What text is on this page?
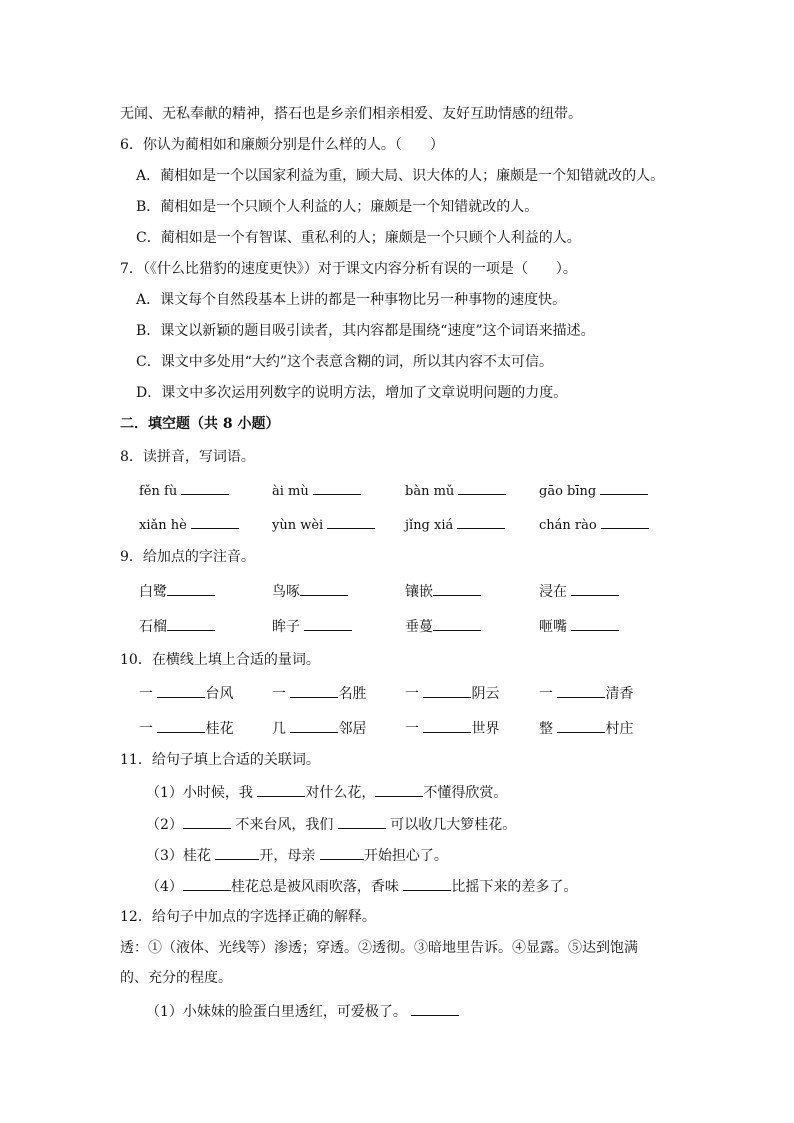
无闻、无私奉献的精神，搭石也是乡亲们相亲相爱、友好互助情感的纽带。
6．你认为蔺相如和廉颇分别是什么样的人。（　　）
A．蔺相如是一个以国家利益为重，顾大局、识大体的人；廉颇是一个知错就改的人。
B．蔺相如是一个只顾个人利益的人；廉颇是一个知错就改的人。
C．蔺相如是一个有智谋、重私利的人；廉颇是一个只顾个人利益的人。
7．（《什么比猎豹的速度更快》）对于课文内容分析有误的一项是（　　）。
A．课文每个自然段基本上讲的都是一种事物比另一种事物的速度快。
B．课文以新颖的题目吸引读者，其内容都是围绕“速度”这个词语来描述。
C．课文中多处用“大约”这个表意含糊的词，所以其内容不太可信。
D．课文中多次运用列数字的说明方法，增加了文章说明问题的力度。
二．填空题（共 8 小题）
8．读拼音，写词语。
fěn fù	ài mù	bàn mǔ	gāo bīng
xiǎn hè	yùn wèi	jǐng xiá	chán rào
9．给加点的字注音。
白鹭	鸟啄	镶嵌	浸在
石榴	眸子	垂蔓	咂嘴
10．在横线上填上合适的量词。
一	台风	一	名胜	一	阴云	一	清香
一	桂花	几	邻居	一	世界	整	村庄
11．给句子填上合适的关联词。
（1）小时候，我	对什么花，	不懂得欣赏。
（2）	不来台风，我们	可以收几大箩桂花。
（3）桂花	开，母亲	开始担心了。
（4）	桂花总是被风雨吹落，香味	比摇下来的差多了。
12．给句子中加点的字选择正确的解释。
透：①（液体、光线等）渗透；穿透。②透彻。③暗地里告诉。④显露。⑤达到饱满
的、充分的程度。
（1）小妹妹的脸蛋白里透红，可爱极了。
